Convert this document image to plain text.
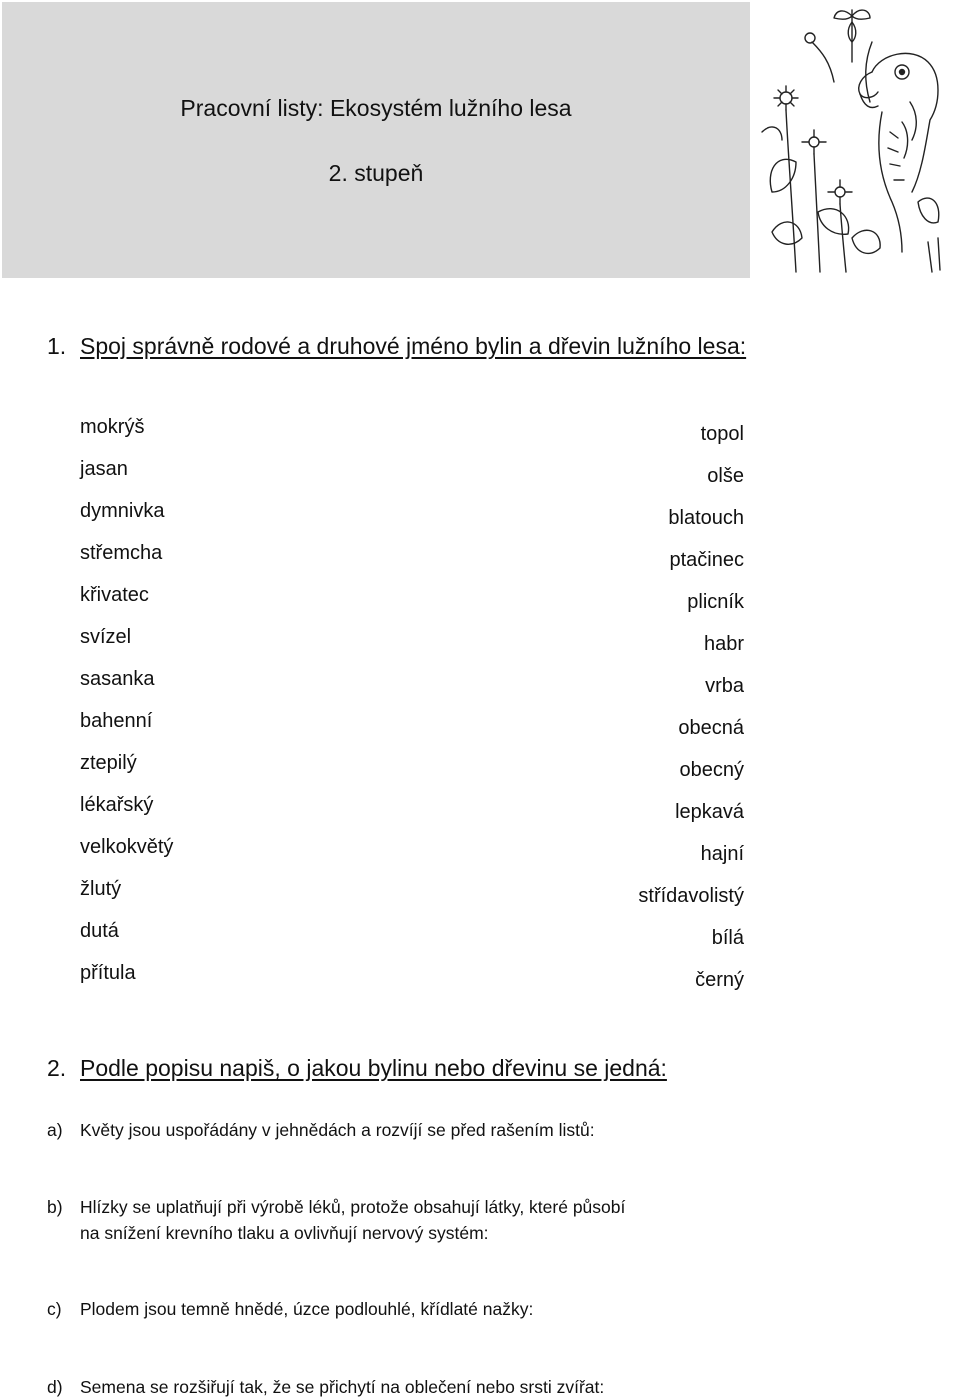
Pracovní listy: Ekosystém lužního lesa
2. stupeň
1. Spoj správně rodové a druhové jméno bylin a dřevin lužního lesa:
mokrýš
jasan
dymnivka
střemcha
křivatec
svízel
sasanka
bahenní
ztepilý
lékařský
velkokvětý
žlutý
dutá
přítula
topol
olše
blatouch
ptačinec
plicník
habr
vrba
obecná
obecný
lepkavá
hajní
střídavolistý
bílá
černý
2. Podle popisu napiš, o jakou bylinu nebo dřevinu se jedná:
a) Květy jsou uspořádány v jehnědách a rozvíjí se před rašením listů:
b) Hlízky se uplatňují při výrobě léků, protože obsahují látky, které působí
na snížení krevního tlaku a ovlivňují nervový systém:
c) Plodem jsou temně hnědé, úzce podlouhlé, křídlaté nažky:
d) Semena se rozšiřují tak, že se přichytí na oblečení nebo srsti zvířat:
